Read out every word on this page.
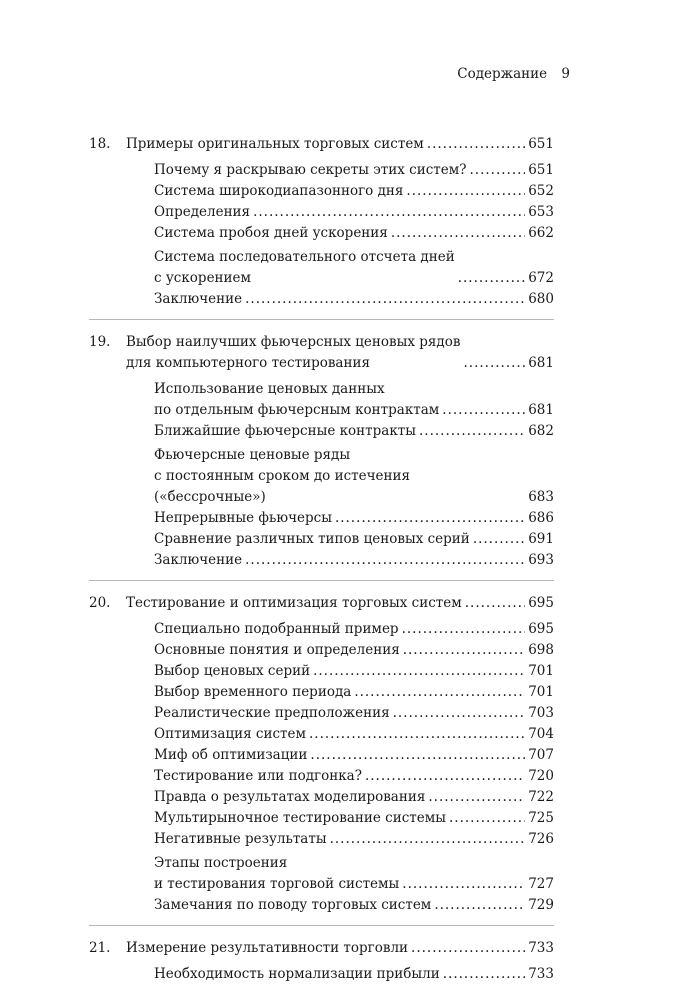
Содержание 9
18. Примеры оригинальных торговых систем .....	651
Почему я раскрываю секреты этих систем? .....	651
Система широкодиапазонного дня .....	652
Определения .....	653
Система пробоя дней ускорения .....	662
Система последовательного отсчета дней
с ускорением .....	672
Заключение .....	680
19. Выбор наилучших фьючерсных ценовых рядов
для компьютерного тестирования .....	681
Использование ценовых данных
по отдельным фьючерсным контрактам .....	681
Ближайшие фьючерсные контракты .....	682
Фьючерсные ценовые ряды
с постоянным сроком до истечения («бессрочные»)	683
Непрерывные фьючерсы .....	686
Сравнение различных типов ценовых серий .....	691
Заключение .....	693
20. Тестирование и оптимизация торговых систем .....	695
Специально подобранный пример .....	695
Основные понятия и определения .....	698
Выбор ценовых серий .....	701
Выбор временного периода .....	701
Реалистические предположения .....	703
Оптимизация систем .....	704
Миф об оптимизации .....	707
Тестирование или подгонка? .....	720
Правда о результатах моделирования .....	722
Мультирыночное тестирование системы .....	725
Негативные результаты .....	726
Этапы построения
и тестирования торговой системы .....	727
Замечания по поводу торговых систем .....	729
21. Измерение результативности торговли .....	733
Необходимость нормализации прибыли .....	733
